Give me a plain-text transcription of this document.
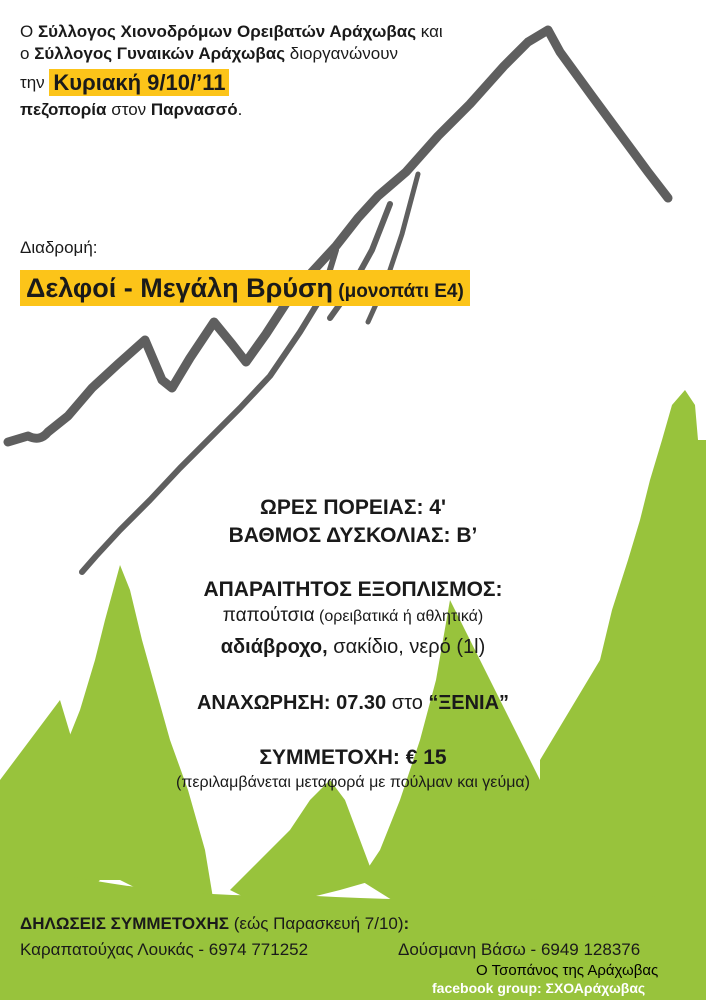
Ο Σύλλογος Χιονοδρόμων Ορειβατών Αράχωβας και
ο Σύλλογος Γυναικών Αράχωβας διοργανώνουν
την Κυριακή 9/10/’11
πεζοπορία στον Παρνασσό.
Διαδρομή:
Δελφοί - Μεγάλη Βρύση (μονοπάτι Ε4)
ΩΡΕΣ ΠΟΡΕΙΑΣ: 4'
ΒΑΘΜΟΣ ΔΥΣΚΟΛΙΑΣ: Β’
ΑΠΑΡΑΙΤΗΤΟΣ ΕΞΟΠΛΙΣΜΟΣ:
παπούτσια (ορειβατικά ή αθλητικά)
αδιάβροχο, σακίδιο, νερό (1l)
ΑΝΑΧΩΡΗΣΗ: 07.30 στο “ΞΕΝΙΑ”
ΣΥΜΜΕΤΟΧΗ: € 15
(περιλαμβάνεται μεταφορά με πούλμαν και γεύμα)
ΔΗΛΩΣΕΙΣ ΣΥΜΜΕΤΟΧΗΣ (εώς Παρασκευή 7/10):
Καραπατούχας Λουκάς - 6974 771252	Δούσμανη Βάσω - 6949 128376
Ο Τσοπάνος της Αράχωβας
facebook group: ΣΧΟΑράχωβας
